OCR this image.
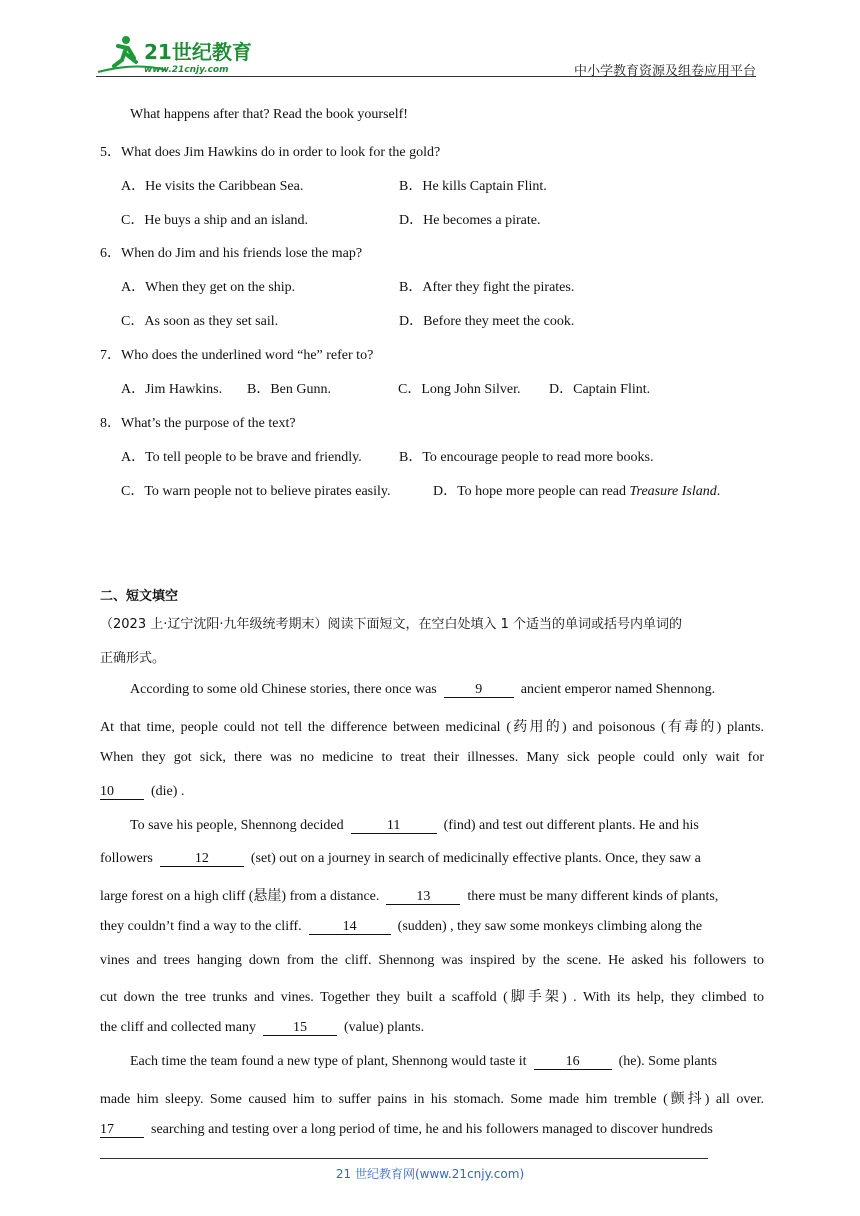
21世纪教育
www.21cnjy.com	中小学教育资源及组卷应用平台
What happens after that? Read the book yourself!
5．What does Jim Hawkins do in order to look for the gold?
A．He visits the Caribbean Sea.	B．He kills Captain Flint.
C．He buys a ship and an island.	D．He becomes a pirate.
6．When do Jim and his friends lose the map?
A．When they get on the ship.	B．After they fight the pirates.
C．As soon as they set sail.	D．Before they meet the cook.
7．Who does the underlined word “he” refer to?
A．Jim Hawkins. B．Ben Gunn.	C．Long John Silver. D．Captain Flint.
8．What’s the purpose of the text?
A．To tell people to be brave and friendly.	B．To encourage people to read more books.
C．To warn people not to believe pirates easily.	D．To hope more people can read Treasure Island.
二、短文填空
（2023 上·辽宁沈阳·九年级统考期末）阅读下面短文，在空白处填入 1 个适当的单词或括号内单词的
正确形式。
According to some old Chinese stories, there once was	9	ancient emperor named Shennong.
At that time, people could not tell the difference between medicinal (药用的) and poisonous (有毒的) plants.
When they got sick, there was no medicine to treat their illnesses. Many sick people could only wait for
10	(die) .
To save his people, Shennong decided	11	(find) and test out different plants. He and his
followers	12	(set) out on a journey in search of medicinally effective plants. Once, they saw a
large forest on a high cliff (悬崖) from a distance.	13	there must be many different kinds of plants,
they couldn’t find a way to the cliff.	14	(sudden) , they saw some monkeys climbing along the
vines and trees hanging down from the cliff. Shennong was inspired by the scene. He asked his followers to
cut down the tree trunks and vines. Together they built a scaffold (脚手架) . With its help, they climbed to
the cliff and collected many	15	(value) plants.
Each time the team found a new type of plant, Shennong would taste it	16	(he). Some plants
made him sleepy. Some caused him to suffer pains in his stomach. Some made him tremble (颤抖) all over.
17	searching and testing over a long period of time, he and his followers managed to discover hundreds
21 世纪教育网(www.21cnjy.com)
